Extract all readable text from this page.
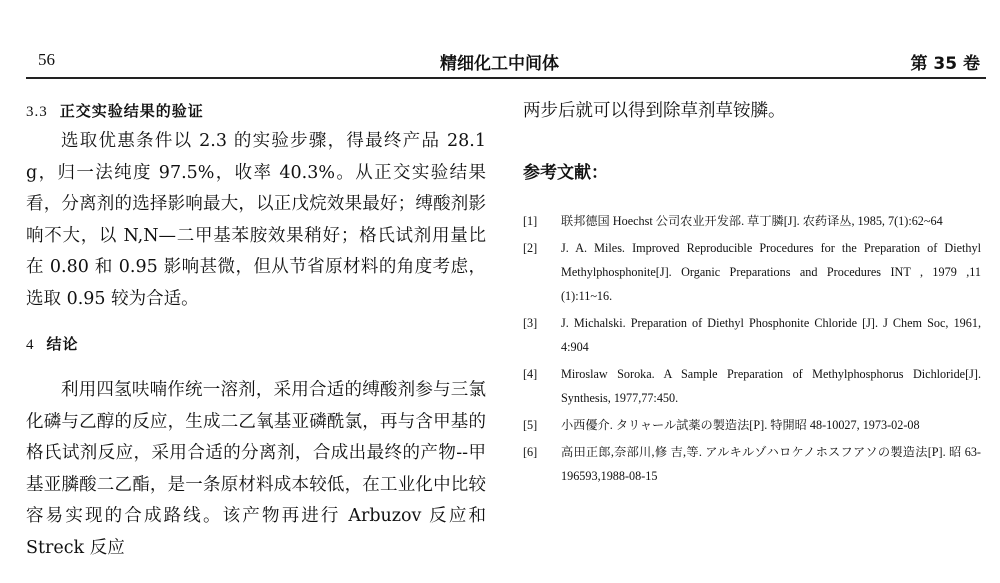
56	精细化工中间体	第 35 卷
3.3 正交实验结果的验证

选取优惠条件以 2.3 的实验步骤，得最终产品 28.1 g，归一法纯度 97.5%，收率 40.3%。从正交实验结果看，分离剂的选择影响最大，以正戊烷效果最好；缚酸剂影响不大，以 N,N—二甲基苯胺效果稍好；格氏试剂用量比在 0.80 和 0.95 影响甚微，但从节省原材料的角度考虑，选取 0.95 较为合适。

4 结论

利用四氢呋喃作统一溶剂，采用合适的缚酸剂参与三氯化磷与乙醇的反应，生成二乙氧基亚磷酰氯，再与含甲基的格氏试剂反应，采用合适的分离剂，合成出最终的产物--甲基亚膦酸二乙酯，是一条原材料成本较低，在工业化中比较容易实现的合成路线。该产物再进行 Arbuzov 反应和 Streck 反应

两步后就可以得到除草剂草铵膦。

参考文献：
[1]	联邦德国 Hoechst 公司农业开发部. 草丁膦[J]. 农药译丛, 1985, 7(1):62~64
[2]	J. A. Miles. Improved Reproducible Procedures for the Preparation of Diethyl Methylphosphonite[J]. Organic Preparations and Procedures INT , 1979 ,11 (1):11~16.
[3]	J. Michalski. Preparation of Diethyl Phosphonite Chloride [J]. J Chem Soc, 1961, 4:904
[4]	Miroslaw Soroka. A Sample Preparation of Methylphosphorus Dichloride[J]. Synthesis, 1977,77:450.
[5]	小西優介. タリャール試薬の製造法[P]. 特開昭 48-10027, 1973-02-08
[6]	高田正郎,奈部川,修 吉,等. アルキルゾハロケノホスフアソの製造法[P]. 昭 63-196593,1988-08-15
